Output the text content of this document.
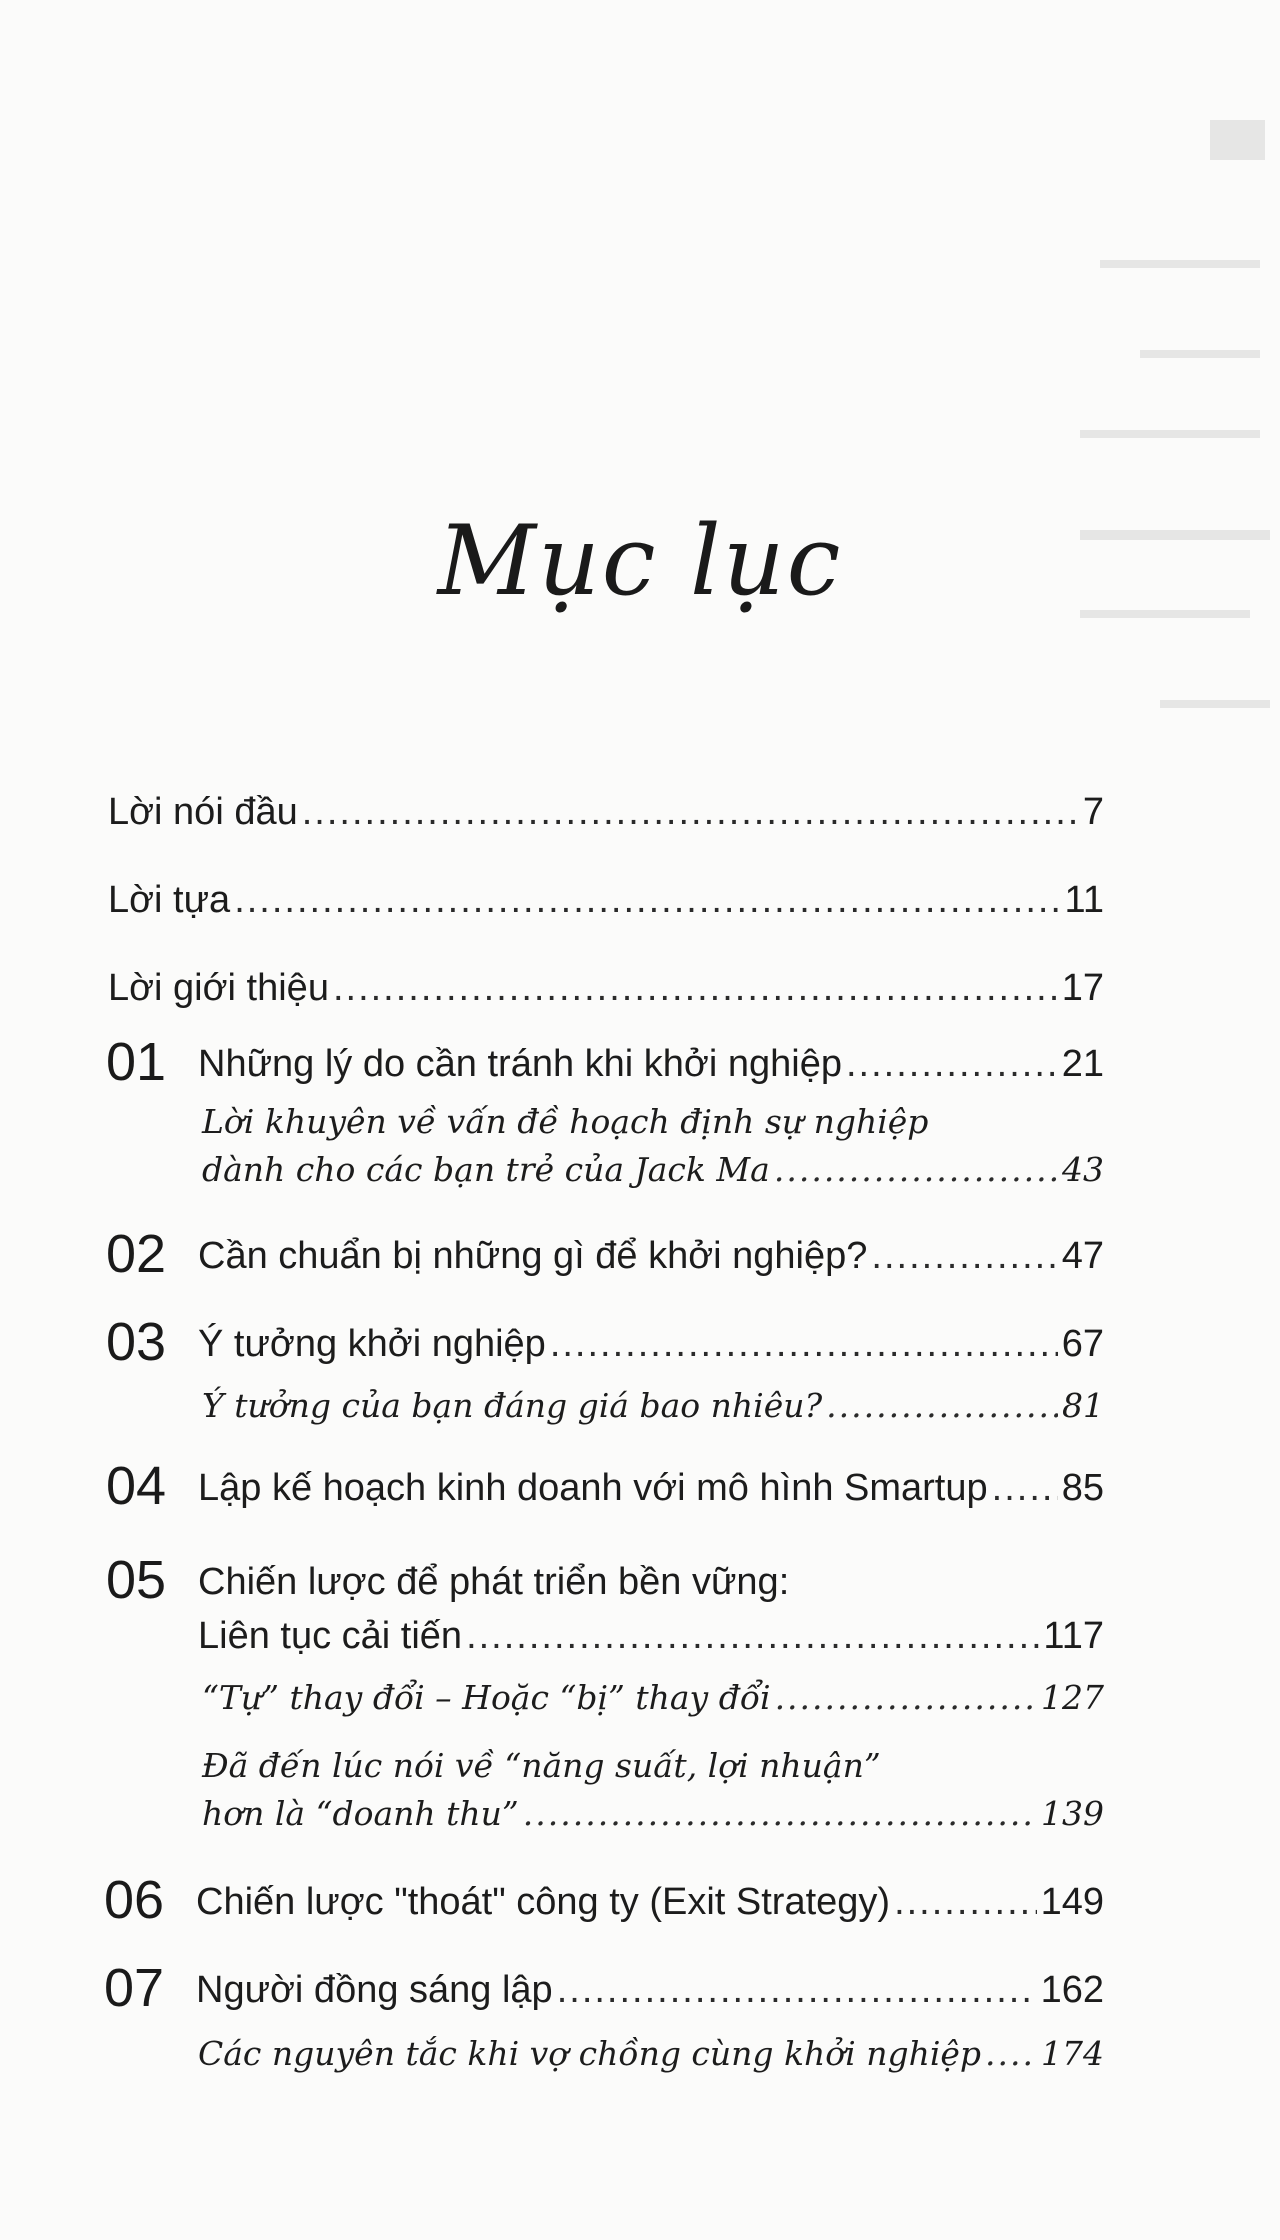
Mục lục
Lời nói đầu .....	7
Lời tựa .....	11
Lời giới thiệu .....	17
01 Những lý do cần tránh khi khởi nghiệp .....	21
Lời khuyên về vấn đề hoạch định sự nghiệp
dành cho các bạn trẻ của Jack Ma .....	43
02 Cần chuẩn bị những gì để khởi nghiệp? .....	47
03 Ý tưởng khởi nghiệp .....	67
Ý tưởng của bạn đáng giá bao nhiêu? .....	81
04 Lập kế hoạch kinh doanh với mô hình Smartup ..... 85
05 Chiến lược để phát triển bền vững:
Liên tục cải tiến .....	117
“Tự” thay đổi – Hoặc “bị” thay đổi .....	127
Đã đến lúc nói về “năng suất, lợi nhuận”
hơn là “doanh thu” .....	139
06 Chiến lược "thoát" công ty (Exit Strategy) .....	149
07 Người đồng sáng lập .....	162
Các nguyên tắc khi vợ chồng cùng khởi nghiệp ..... 174
